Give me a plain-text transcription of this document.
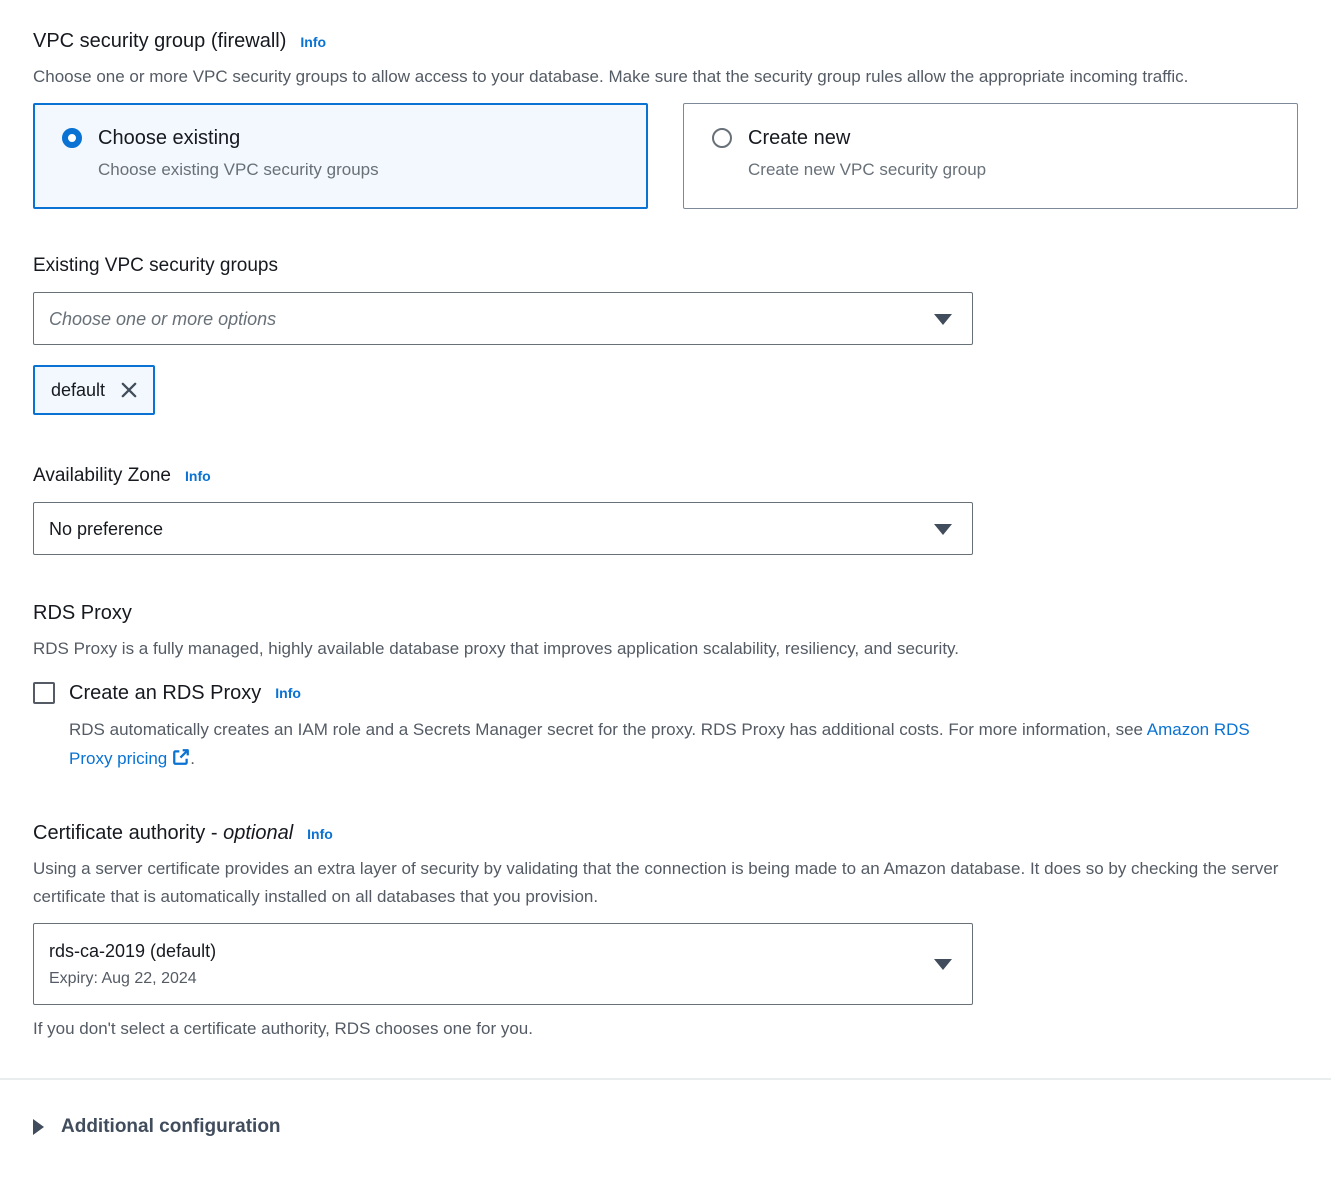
VPC security group (firewall) Info

Choose one or more VPC security groups to allow access to your database. Make sure that the security group rules allow the appropriate incoming traffic.

Choose existing
Choose existing VPC security groups
Create new
Create new VPC security group
Existing VPC security groups
Choose one or more options
default
Availability Zone Info
No preference
RDS Proxy

RDS Proxy is a fully managed, highly available database proxy that improves application scalability, resiliency, and security.

Create an RDS Proxy Info

RDS automatically creates an IAM role and a Secrets Manager secret for the proxy. RDS Proxy has additional costs. For more information, see Amazon RDS Proxy pricing .

Certificate authority - optional Info

Using a server certificate provides an extra layer of security by validating that the connection is being made to an Amazon database. It does so by checking the server certificate that is automatically installed on all databases that you provision.

rds-ca-2019 (default)
Expiry: Aug 22, 2024
If you don't select a certificate authority, RDS chooses one for you.
Additional configuration
